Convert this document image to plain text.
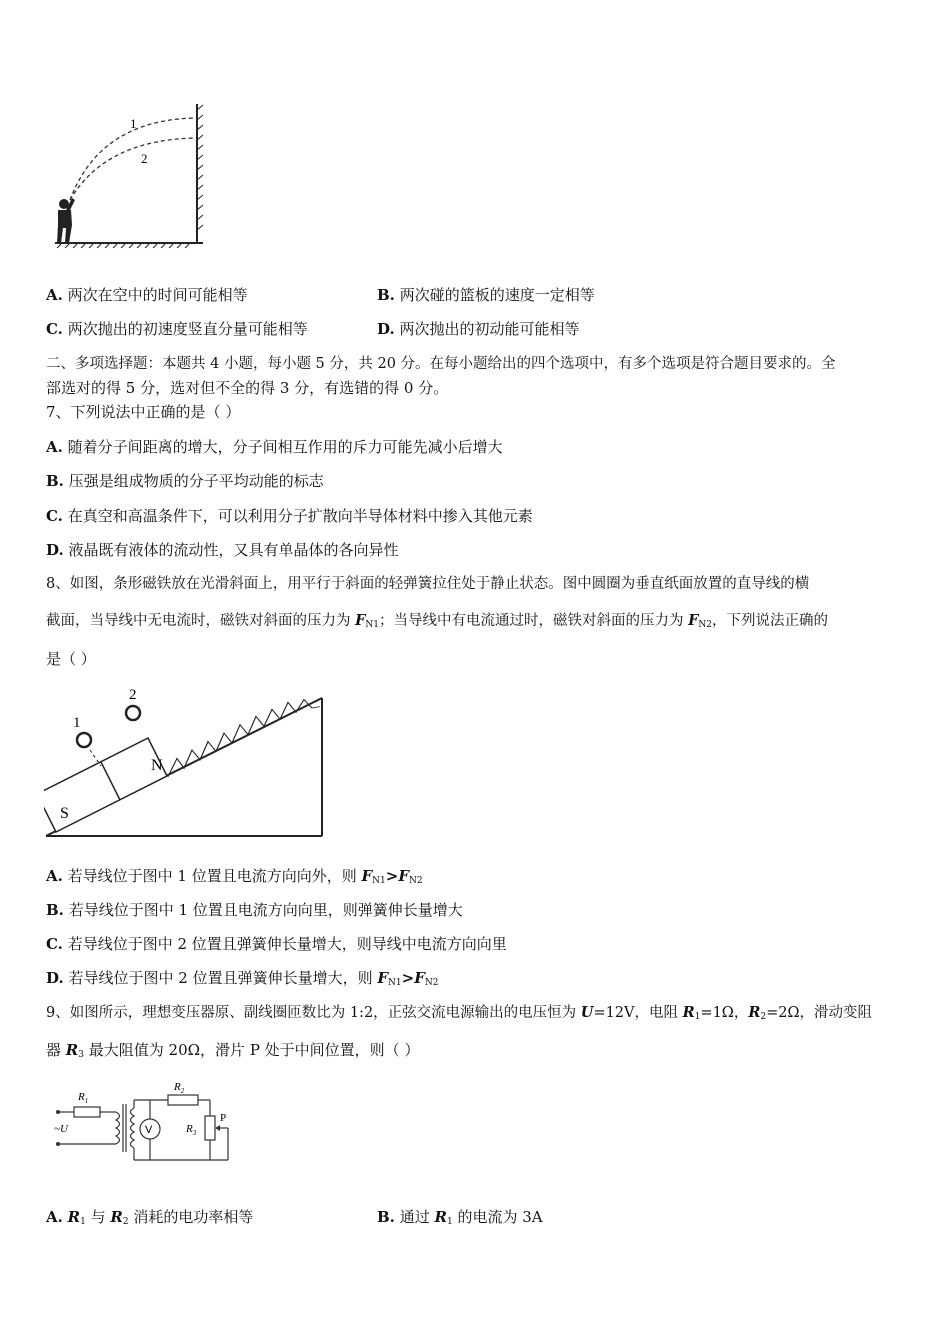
1
2
A. 两次在空中的时间可能相等	B. 两次碰的篮板的速度一定相等
C. 两次抛出的初速度竖直分量可能相等	D. 两次抛出的初动能可能相等
二、多项选择题：本题共 4 小题，每小题 5 分，共 20 分。在每小题给出的四个选项中，有多个选项是符合题目要求的。全
部选对的得 5 分，选对但不全的得 3 分，有选错的得 0 分。
7、下列说法中正确的是（ ）
A. 随着分子间距离的增大，分子间相互作用的斥力可能先减小后增大
B. 压强是组成物质的分子平均动能的标志
C. 在真空和高温条件下，可以利用分子扩散向半导体材料中掺入其他元素
D. 液晶既有液体的流动性，又具有单晶体的各向异性
8、如图，条形磁铁放在光滑斜面上，用平行于斜面的轻弹簧拉住处于静止状态。图中圆圈为垂直纸面放置的直导线的横
截面，当导线中无电流时，磁铁对斜面的压力为 $F_{N1}$；当导线中有电流通过时，磁铁对斜面的压力为 $F_{N2}$，下列说法正确的
是（ ）
N
S
1
2
A. 若导线位于图中 1 位置且电流方向向外，则 $F_{N1}>F_{N2}$
B. 若导线位于图中 1 位置且电流方向向里，则弹簧伸长量增大
C. 若导线位于图中 2 位置且弹簧伸长量增大，则导线中电流方向向里
D. 若导线位于图中 2 位置且弹簧伸长量增大，则 $F_{N1}>F_{N2}$
9、如图所示，理想变压器原、副线圈匝数比为 1:2，正弦交流电源输出的电压恒为 U=12V，电阻 $R_1=1\Omega$，$R_2=2\Omega$，滑动变阻
器 $R_3$ 最大阻值为 20Ω，滑片 P 处于中间位置，则（ ）
V
$R_1$
$R_2$
$R_3$
P
~U
A. $R_1$ 与 $R_2$ 消耗的电功率相等	B. 通过 $R_1$ 的电流为 3A
